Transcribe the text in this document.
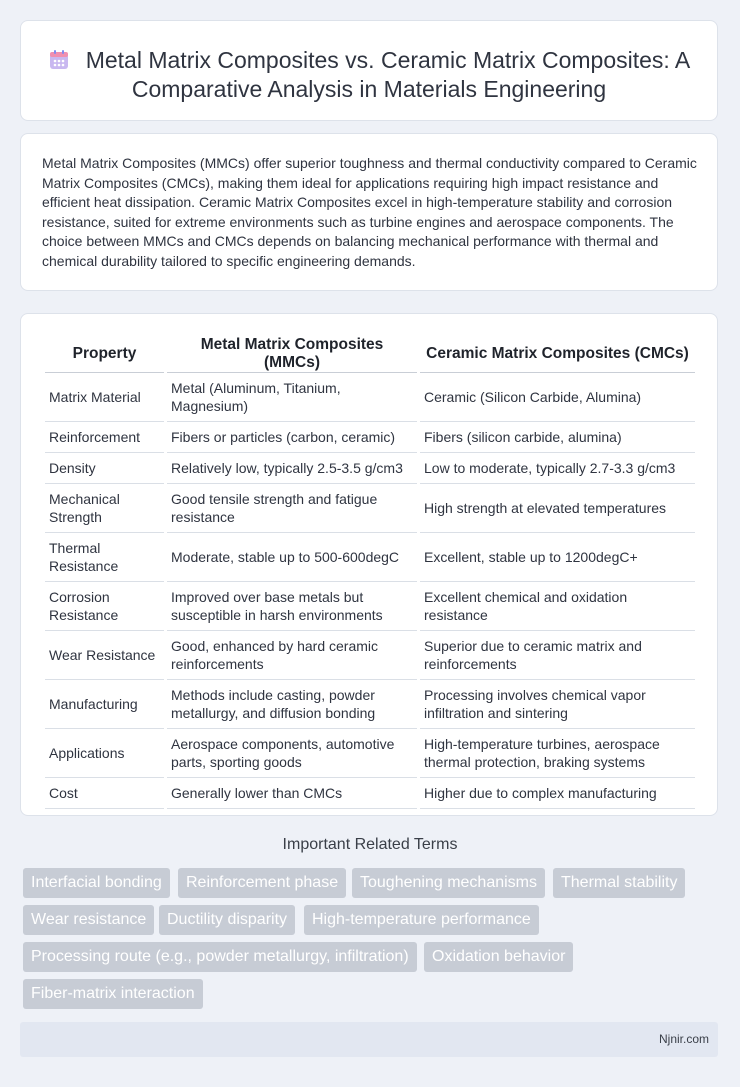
Metal Matrix Composites vs. Ceramic Matrix Composites: A Comparative Analysis in Materials Engineering
Metal Matrix Composites (MMCs) offer superior toughness and thermal conductivity compared to Ceramic Matrix Composites (CMCs), making them ideal for applications requiring high impact resistance and efficient heat dissipation. Ceramic Matrix Composites excel in high-temperature stability and corrosion resistance, suited for extreme environments such as turbine engines and aerospace components. The choice between MMCs and CMCs depends on balancing mechanical performance with thermal and chemical durability tailored to specific engineering demands.
Property	Metal Matrix Composites (MMCs)	Ceramic Matrix Composites (CMCs)
Matrix Material	Metal (Aluminum, Titanium, Magnesium)	Ceramic (Silicon Carbide, Alumina)
Reinforcement	Fibers or particles (carbon, ceramic)	Fibers (silicon carbide, alumina)
Density	Relatively low, typically 2.5-3.5 g/cm3	Low to moderate, typically 2.7-3.3 g/cm3
Mechanical Strength	Good tensile strength and fatigue resistance	High strength at elevated temperatures
Thermal Resistance	Moderate, stable up to 500-600degC	Excellent, stable up to 1200degC+
Corrosion Resistance	Improved over base metals but susceptible in harsh environments	Excellent chemical and oxidation resistance
Wear Resistance	Good, enhanced by hard ceramic reinforcements	Superior due to ceramic matrix and reinforcements
Manufacturing	Methods include casting, powder metallurgy, and diffusion bonding	Processing involves chemical vapor infiltration and sintering
Applications	Aerospace components, automotive parts, sporting goods	High-temperature turbines, aerospace thermal protection, braking systems
Cost	Generally lower than CMCs	Higher due to complex manufacturing
Important Related Terms
Interfacial bonding	Reinforcement phase	Toughening mechanisms	Thermal stability
Wear resistance	Ductility disparity	High-temperature performance
Processing route (e.g., powder metallurgy, infiltration)	Oxidation behavior
Fiber-matrix interaction
Njnir.com
